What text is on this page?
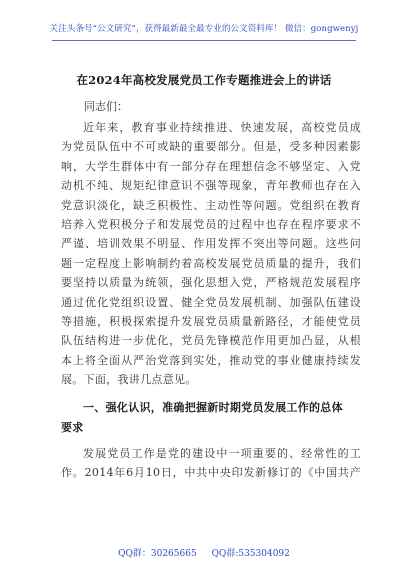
关注头条号“公文研究”，获得最新最全最专业的公文资料库！ 微信：gongwenyj
在2024年高校发展党员工作专题推进会上的讲话
同志们：
近年来，教育事业持续推进、快速发展，高校党员成
为党员队伍中不可或缺的重要部分。但是，受多种因素影
响，大学生群体中有一部分存在理想信念不够坚定、入党
动机不纯、规矩纪律意识不强等现象，青年教师也存在入
党意识淡化，缺乏积极性、主动性等问题。党组织在教育
培养入党积极分子和发展党员的过程中也存在程序要求不
严谨、培训效果不明显、作用发挥不突出等问题。这些问
题一定程度上影响制约着高校发展党员质量的提升，我们
要坚持以质量为统领，强化思想入党，严格规范发展程序
通过优化党组织设置、健全党员发展机制、加强队伍建设
等措施，积极探索提升发展党员质量新路径，才能使党员
队伍结构进一步优化，党员先锋模范作用更加凸显，从根
本上将全面从严治党落到实处，推动党的事业健康持续发
展。下面，我讲几点意见。
一、强化认识，准确把握新时期党员发展工作的总体
要求
发展党员工作是党的建设中一项重要的、经常性的工
作。2014年6月10日，中共中央印发新修订的《中国共产
QQ群：30265665 QQ群:535304092
